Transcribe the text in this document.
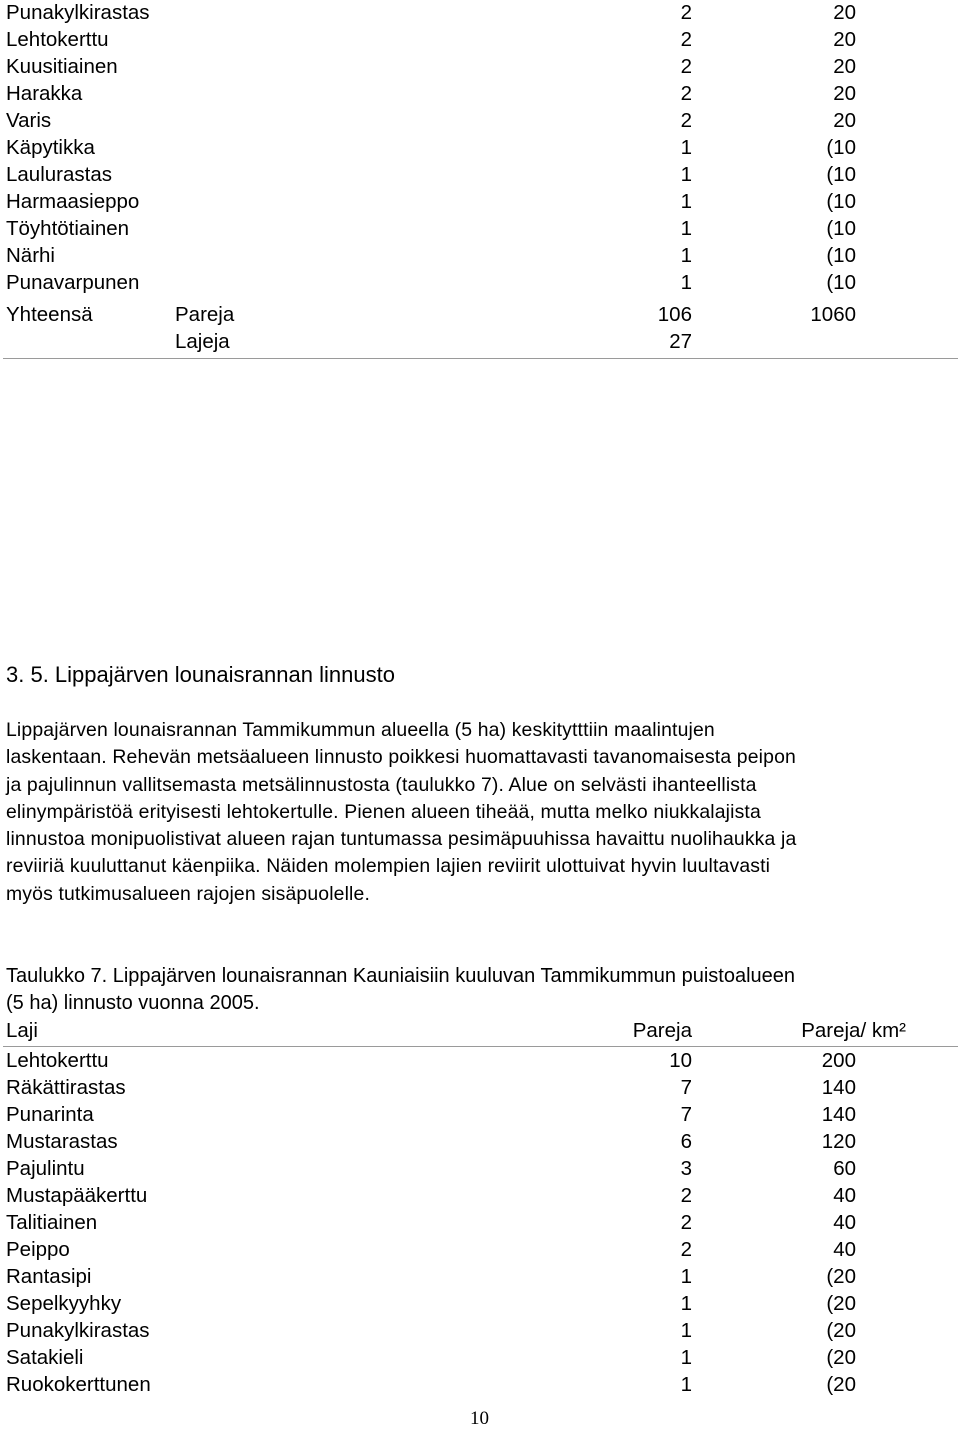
Punakylkirastas	2	20
Lehtokerttu	2	20
Kuusitiainen	2	20
Harakka	2	20
Varis	2	20
Käpytikka	1	(10
Laulurastas	1	(10
Harmaasieppo	1	(10
Töyhtötiainen	1	(10
Närhi	1	(10
Punavarpunen	1	(10
Yhteensä	Pareja	106	1060
Lajeja	27
3. 5. Lippajärven lounaisrannan linnusto
Lippajärven lounaisrannan Tammikummun alueella (5 ha) keskitytttiin maalintujen
laskentaan. Rehevän metsäalueen linnusto poikkesi huomattavasti tavanomaisesta peipon
ja pajulinnun vallitsemasta metsälinnustosta (taulukko 7). Alue on selvästi ihanteellista
elinympäristöä erityisesti lehtokertulle. Pienen alueen tiheää, mutta melko niukkalajista
linnustoa monipuolistivat alueen rajan tuntumassa pesimäpuuhissa havaittu nuolihaukka ja
reviiriä kuuluttanut käenpiika. Näiden molempien lajien reviirit ulottuivat hyvin luultavasti
myös tutkimusalueen rajojen sisäpuolelle.
Taulukko 7. Lippajärven lounaisrannan Kauniaisiin kuuluvan Tammikummun puistoalueen
(5 ha) linnusto vuonna 2005.
Laji	Pareja	Pareja/ km²
Lehtokerttu	10	200
Räkättirastas	7	140
Punarinta	7	140
Mustarastas	6	120
Pajulintu	3	60
Mustapääkerttu	2	40
Talitiainen	2	40
Peippo	2	40
Rantasipi	1	(20
Sepelkyyhky	1	(20
Punakylkirastas	1	(20
Satakieli	1	(20
Ruokokerttunen	1	(20
10
